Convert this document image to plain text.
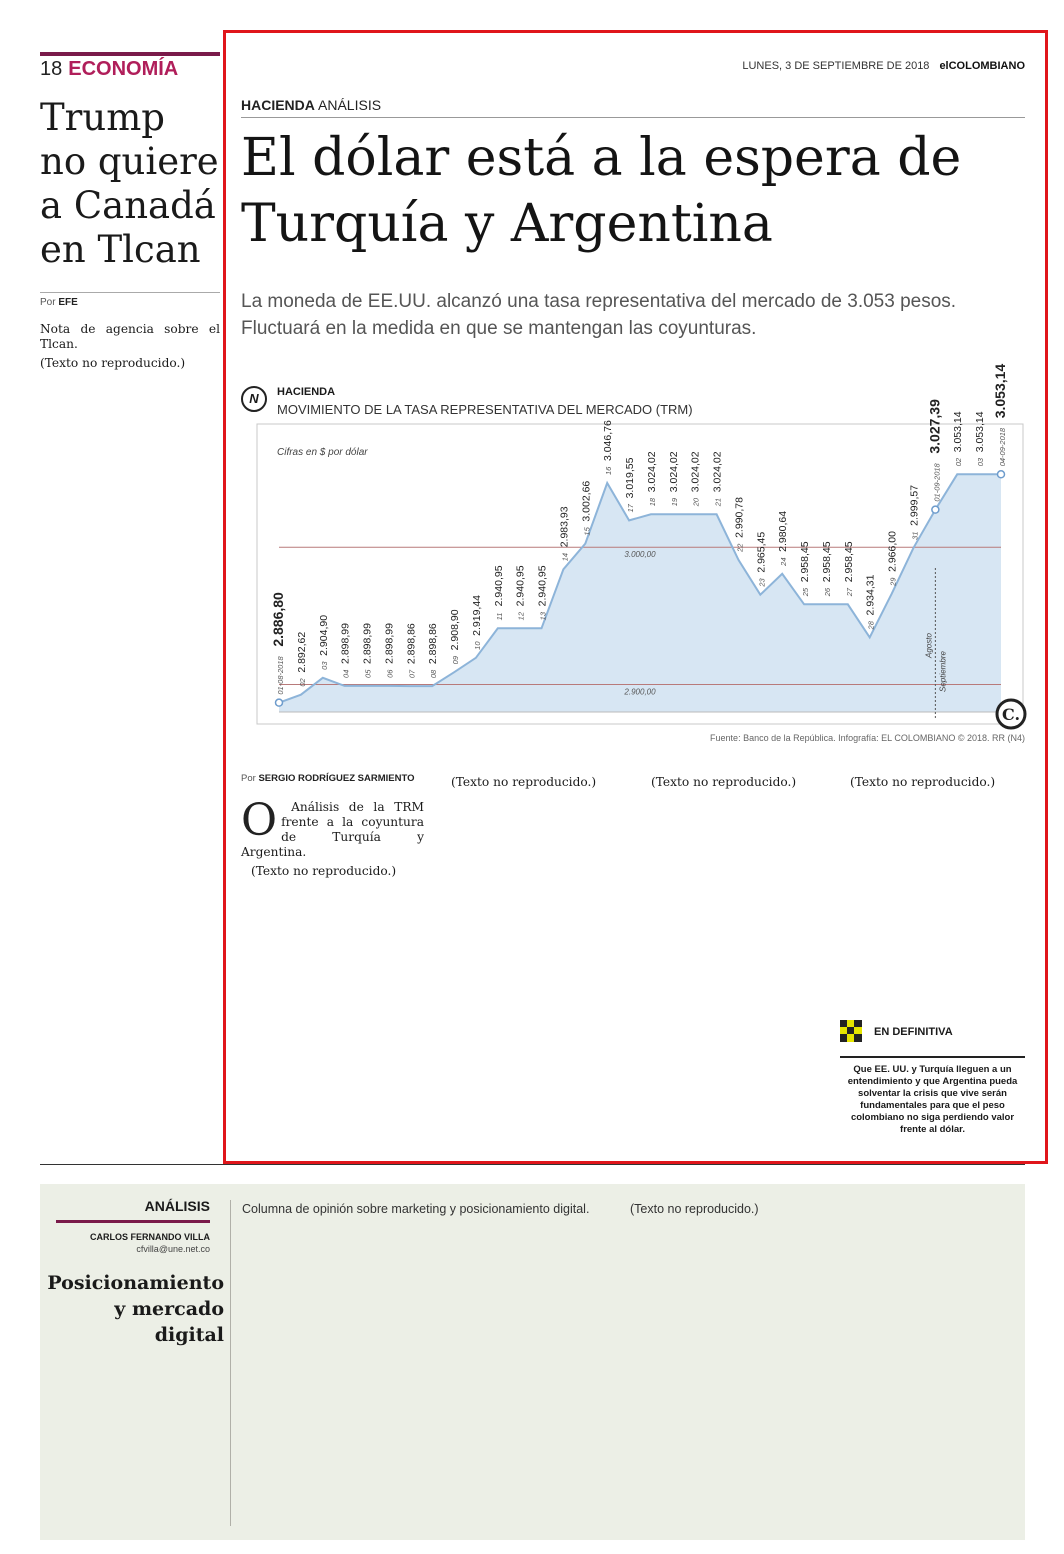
18 ECONOMÍA	LUNES, 3 DE SEPTIEMBRE DE 2018 elCOLOMBIANO
Trump no quiere a Canadá en Tlcan
Por EFE

Nota de agencia sobre el Tlcan.

(Texto no reproducido.)

HACIENDA ANÁLISIS
El dólar está a la espera de Turquía y Argentina

La moneda de EE.UU. alcanzó una tasa representativa del mercado de 3.053 pesos. Fluctuará en la medida en que se mantengan las coyunturas.

N	HACIENDA
MOVIMIENTO DE LA TASA REPRESENTATIVA DEL MERCADO (TRM)
Cifras en $ por dólar
3.000,00
2.900,00
Agosto
Septiembre
01-08-2018
2.886,80
02
2.892,62 03
2.904,90
04
2.898,99
05
2.898,99
06
2.898,99
07
2.898,86
08
2.898,86 09
2.908,90 10
2.919,44 11
2.940,95
12
2.940,95
13
2.940,95
14
2.983,93 15
3.002,66
16
3.046,76
17
3.019,55
18
3.024,02
19
3.024,02
20
3.024,02
21
3.024,02
22
2.990,78
23
2.965,45 24
2.980,64
25
2.958,45
26
2.958,45
27
2.958,45
28
2.934,31 29
2.966,00 31
2.999,57
01-09-2018
3.027,39
02
3.053,14
03
3.053,14 04-09-2018
3.053,14
C.
Fuente: Banco de la República. Infografía: EL COLOMBIANO © 2018. RR (N4)
Por SERGIO RODRÍGUEZ SARMIENTO
O	Análisis de la TRM frente a la coyuntura de Turquía y Argentina.

(Texto no reproducido.)

(Texto no reproducido.)	(Texto no reproducido.)	(Texto no reproducido.)

EN DEFINITIVA
Que EE. UU. y Turquía lleguen a un entendimiento y que Argentina pueda solventar la crisis que vive serán fundamentales para que el peso colombiano no siga perdiendo valor frente al dólar.
ANÁLISIS
CARLOS FERNANDO VILLA
cfvilla@une.net.co
Posicionamiento y mercado digital

Columna de opinión sobre marketing y posicionamiento digital.	(Texto no reproducido.)
